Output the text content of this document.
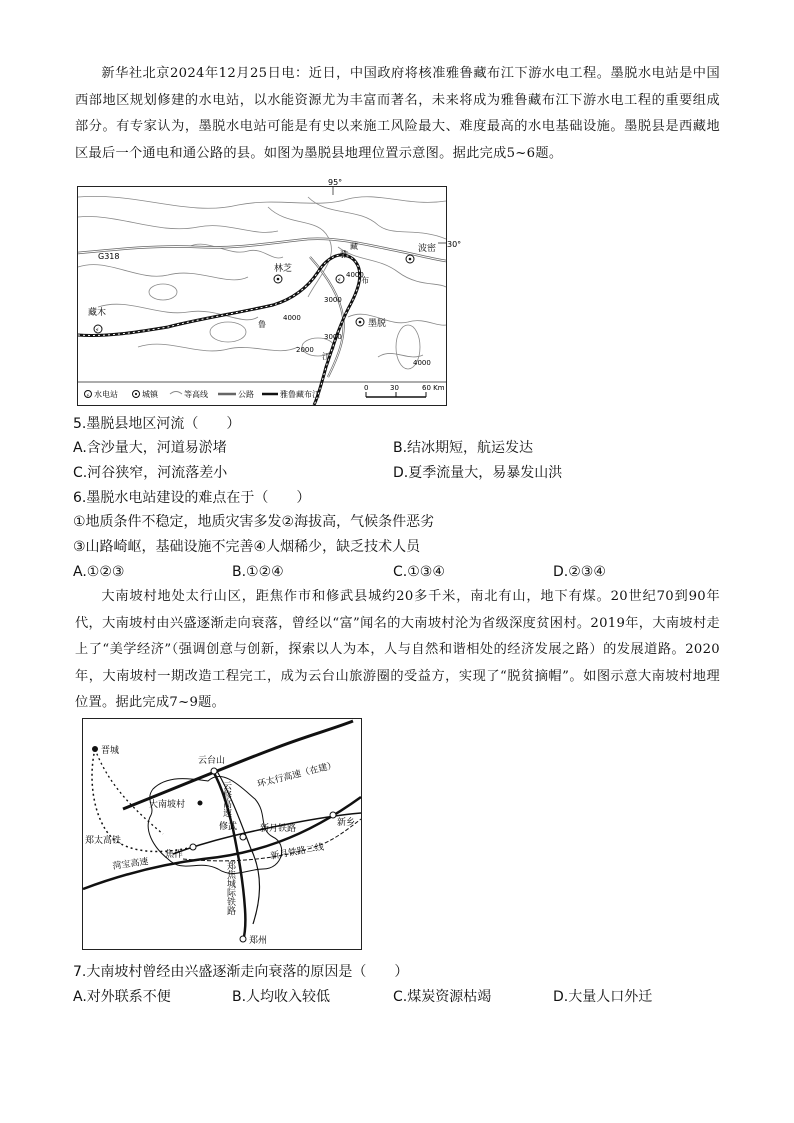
新华社北京2024年12月25日电：近日，中国政府将核准雅鲁藏布江下游水电工程。墨脱水电站是中国西部地区规划修建的水电站，以水能资源尤为丰富而著名，未来将成为雅鲁藏布江下游水电工程的重要组成部分。有专家认为，墨脱水电站可能是有史以来施工风险最大、难度最高的水电基础设施。墨脱县是西藏地区最后一个通电和通公路的县。如图为墨脱县地理位置示意图。据此完成5~6题。

95°
30°
G318
林芝
波密
墨脱
⚡
藏木
⚡
雅
鲁
藏
布
江
4000
4000
3000
2000
3000
4000
⚡ 水电站	城镇	等高线	公路	雅鲁藏布江
0	30	60 Km

5.墨脱县地区河流（　　）

A.含沙量大，河道易淤堵	B.结冰期短，航运发达

C.河谷狭窄，河流落差小	D.夏季流量大，易暴发山洪

6.墨脱水电站建设的难点在于（　　）

①地质条件不稳定，地质灾害多发②海拔高，气候条件恶劣

③山路崎岖，基础设施不完善④人烟稀少，缺乏技术人员

A.①②③	B.①②④	C.①③④	D.②③④

大南坡村地处太行山区，距焦作市和修武县城约20多千米，南北有山，地下有煤。20世纪70到90年代，大南坡村由兴盛逐渐走向衰落，曾经以“富”闻名的大南坡村沦为省级深度贫困村。2019年，大南坡村走上了“美学经济”（强调创意与创新，探索以人为本，人与自然和谐相处的经济发展之路）的发展道路。2020年，大南坡村一期改造工程完工，成为云台山旅游圈的受益方，实现了“脱贫摘帽”。如图示意大南坡村地理位置。据此完成7~9题。

晋城
云台山
大南坡村
修武	新乡
焦作
郑州
环太行高速（在建）
新月铁路
新月铁路二线
菏宝高速
郑太高铁
云修高速
郑焦城际铁路

7.大南坡村曾经由兴盛逐渐走向衰落的原因是（　　）

A.对外联系不便	B.人均收入较低	C.煤炭资源枯竭	D.大量人口外迁
